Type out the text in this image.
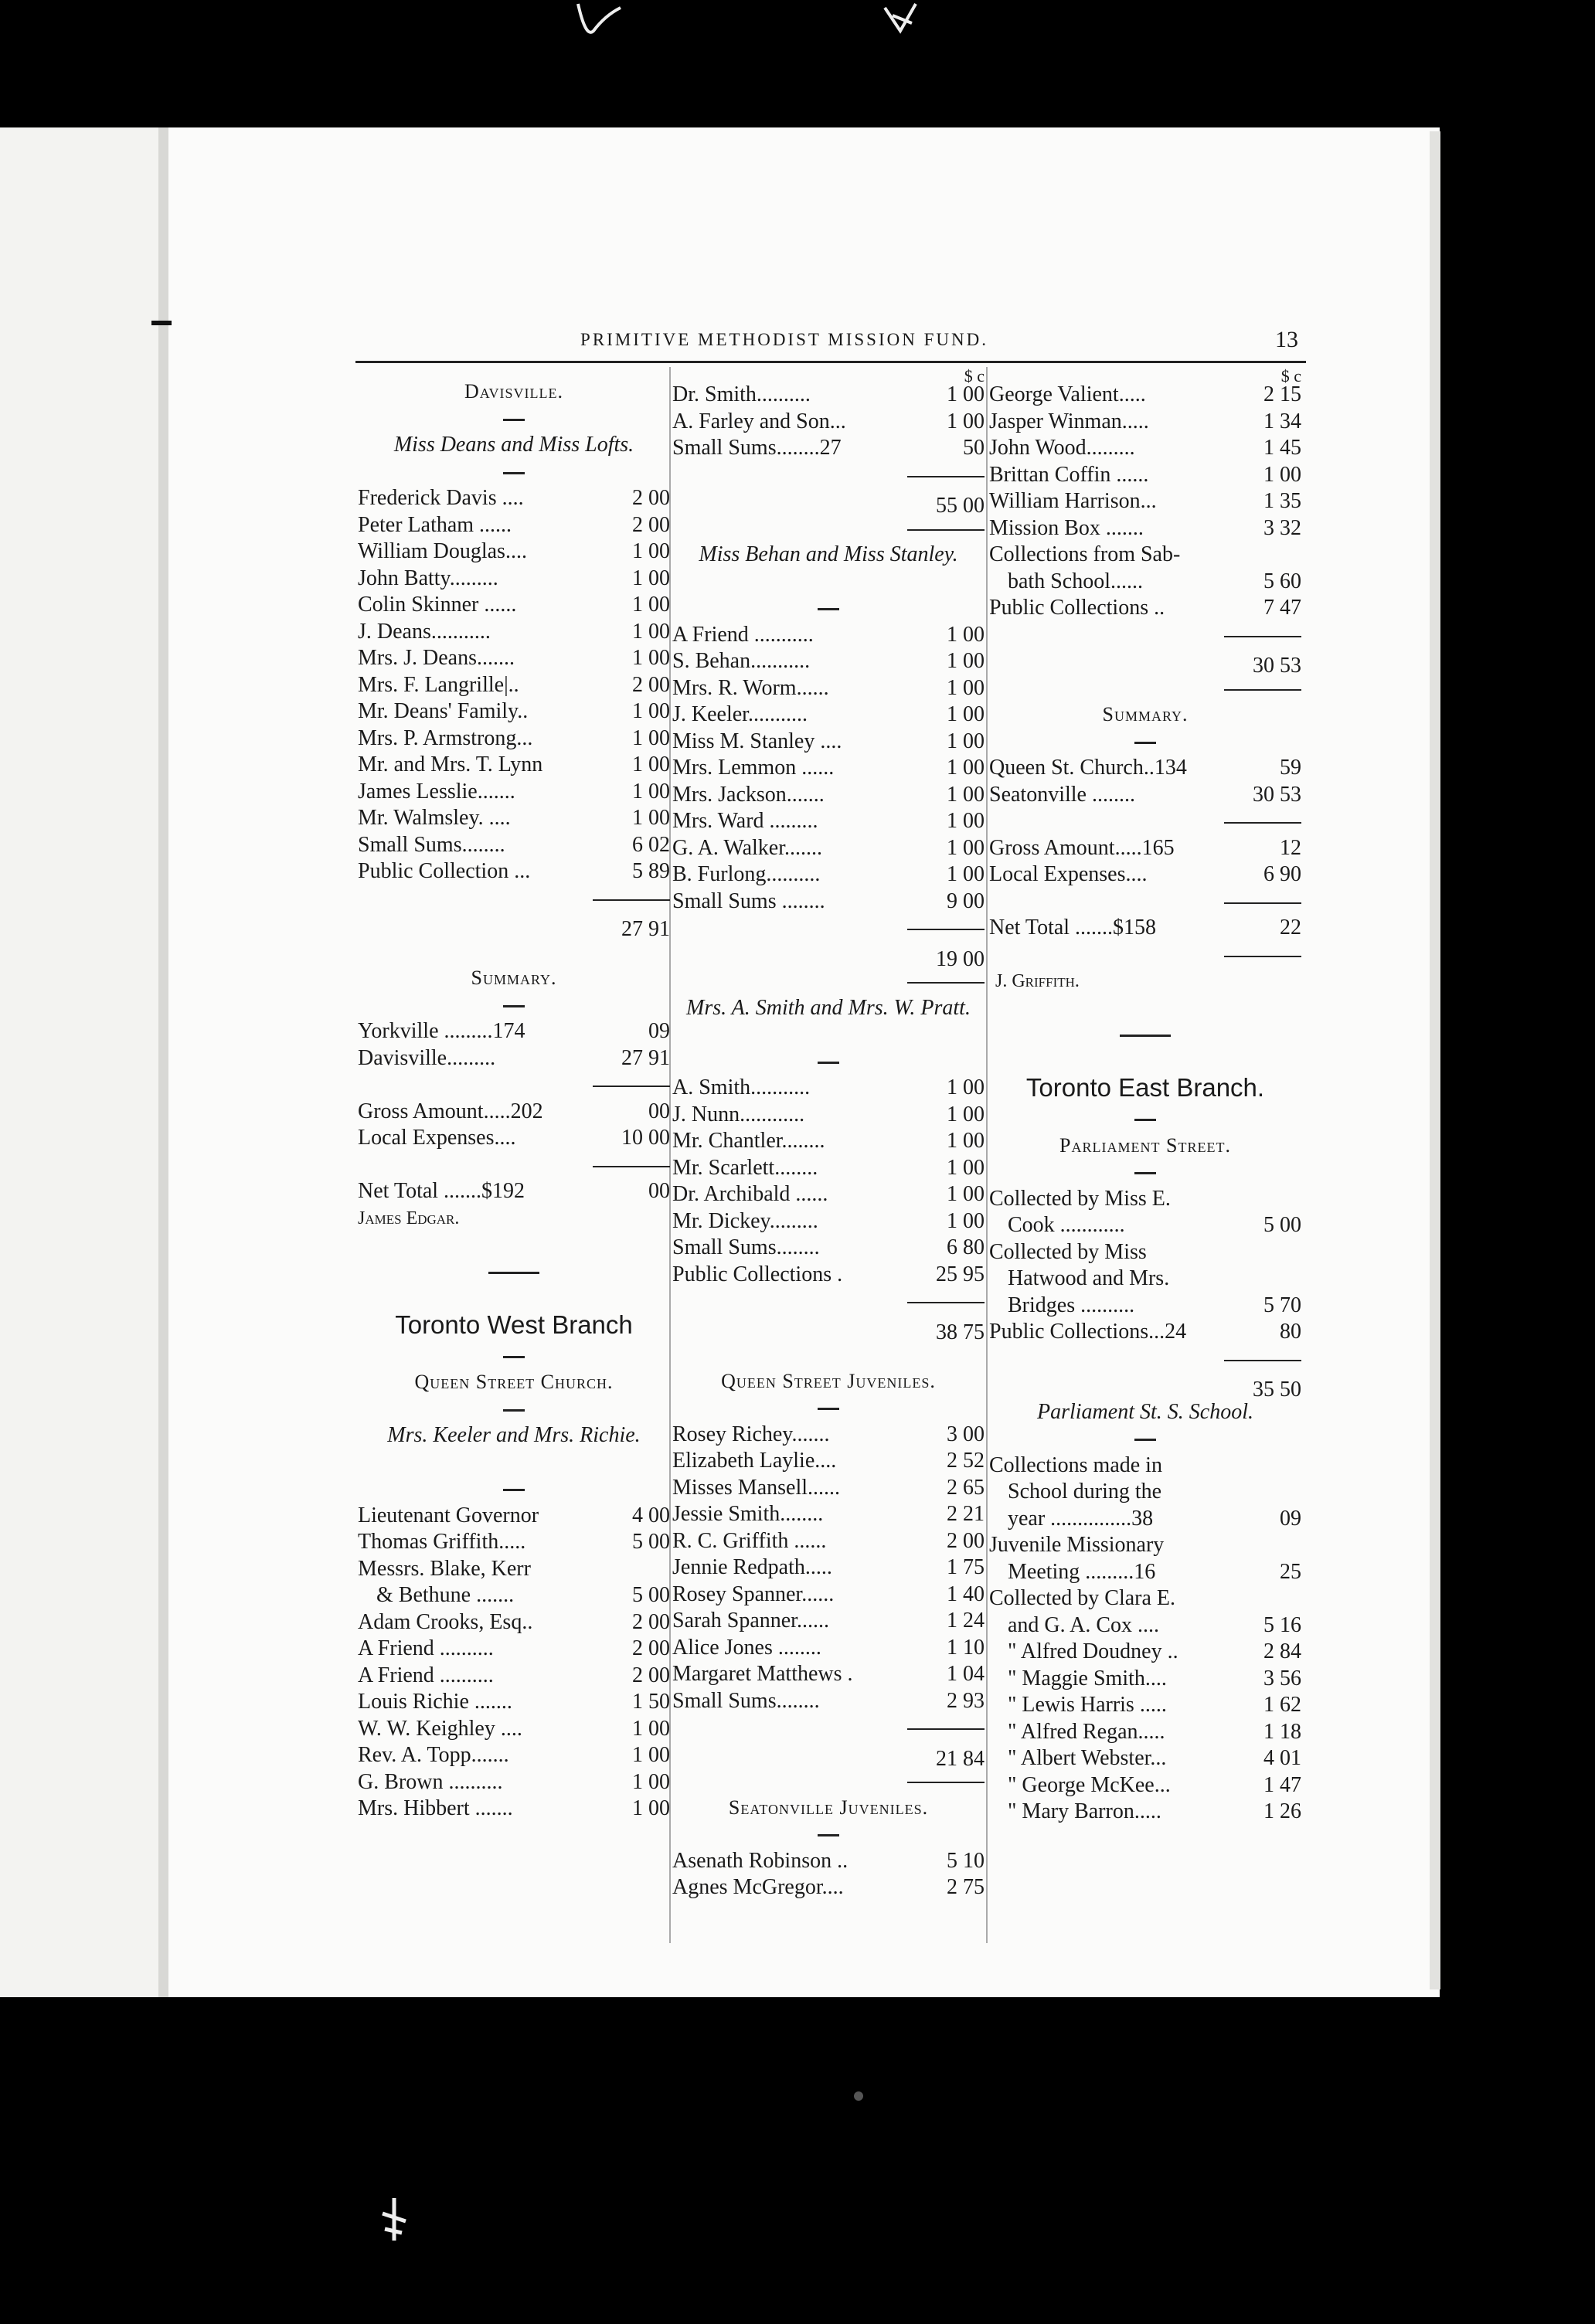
PRIMITIVE METHODIST MISSION FUND.	13
Davisville.
Miss Deans and Miss Lofts.
Frederick Davis ....	2 00
Peter Latham ......	2 00
William Douglas....	1 00
John Batty.........	1 00
Colin Skinner ......	1 00
J. Deans...........	1 00
Mrs. J. Deans.......	1 00
Mrs. F. Langrille|..	2 00
Mr. Deans' Family..	1 00
Mrs. P. Armstrong...	1 00
Mr. and Mrs. T. Lynn	1 00
James Lesslie.......	1 00
Mr. Walmsley. ....	1 00
Small Sums........	6 02
Public Collection ...	5 89
27 91
Summary.
Yorkville .........174	09
Davisville.........	27 91
Gross Amount.....202	00
Local Expenses....	10 00
Net Total .......$192	00
James Edgar.
Toronto West Branch
Queen Street Church.
Mrs. Keeler and Mrs. Richie.
Lieutenant Governor	4 00
Thomas Griffith.....	5 00
Messrs. Blake, Kerr
& Bethune .......	5 00
Adam Crooks, Esq..	2 00
A Friend ..........	2 00
A Friend ..........	2 00
Louis Richie .......	1 50
W. W. Keighley ....	1 00
Rev. A. Topp.......	1 00
G. Brown ..........	1 00
Mrs. Hibbert .......	1 00
$ c
Dr. Smith..........	1 00
A. Farley and Son...	1 00
Small Sums........27	50
55 00
Miss Behan and Miss Stanley.
A Friend ...........	1 00
S. Behan...........	1 00
Mrs. R. Worm......	1 00
J. Keeler...........	1 00
Miss M. Stanley ....	1 00
Mrs. Lemmon ......	1 00
Mrs. Jackson.......	1 00
Mrs. Ward .........	1 00
G. A. Walker.......	1 00
B. Furlong..........	1 00
Small Sums ........	9 00
19 00
Mrs. A. Smith and Mrs. W. Pratt.
A. Smith...........	1 00
J. Nunn............	1 00
Mr. Chantler........	1 00
Mr. Scarlett........	1 00
Dr. Archibald ......	1 00
Mr. Dickey.........	1 00
Small Sums........	6 80
Public Collections .	25 95
38 75
Queen Street Juveniles.
Rosey Richey.......	3 00
Elizabeth Laylie....	2 52
Misses Mansell......	2 65
Jessie Smith........	2 21
R. C. Griffith ......	2 00
Jennie Redpath.....	1 75
Rosey Spanner......	1 40
Sarah Spanner......	1 24
Alice Jones ........	1 10
Margaret Matthews .	1 04
Small Sums........	2 93
21 84
Seatonville Juveniles.
Asenath Robinson ..	5 10
Agnes McGregor....	2 75
$ c
George Valient.....	2 15
Jasper Winman.....	1 34
John Wood.........	1 45
Brittan Coffin ......	1 00
William Harrison...	1 35
Mission Box .......	3 32
Collections from Sab-
bath School......	5 60
Public Collections ..	7 47
30 53
Summary.
Queen St. Church..134	59
Seatonville ........	30 53
Gross Amount.....165	12
Local Expenses....	6 90
Net Total .......$158	22
J. Griffith.
Toronto East Branch.
Parliament Street.
Collected by Miss E.
Cook ............	5 00
Collected by Miss
Hatwood and Mrs.
Bridges ..........	5 70
Public Collections...24	80
35 50
Parliament St. S. School.
Collections made in
School during the
year ...............38	09
Juvenile Missionary
Meeting .........16	25
Collected by Clara E.
and G. A. Cox ....	5 16
" Alfred Doudney ..	2 84
" Maggie Smith....	3 56
" Lewis Harris .....	1 62
" Alfred Regan.....	1 18
" Albert Webster...	4 01
" George McKee...	1 47
" Mary Barron.....	1 26
